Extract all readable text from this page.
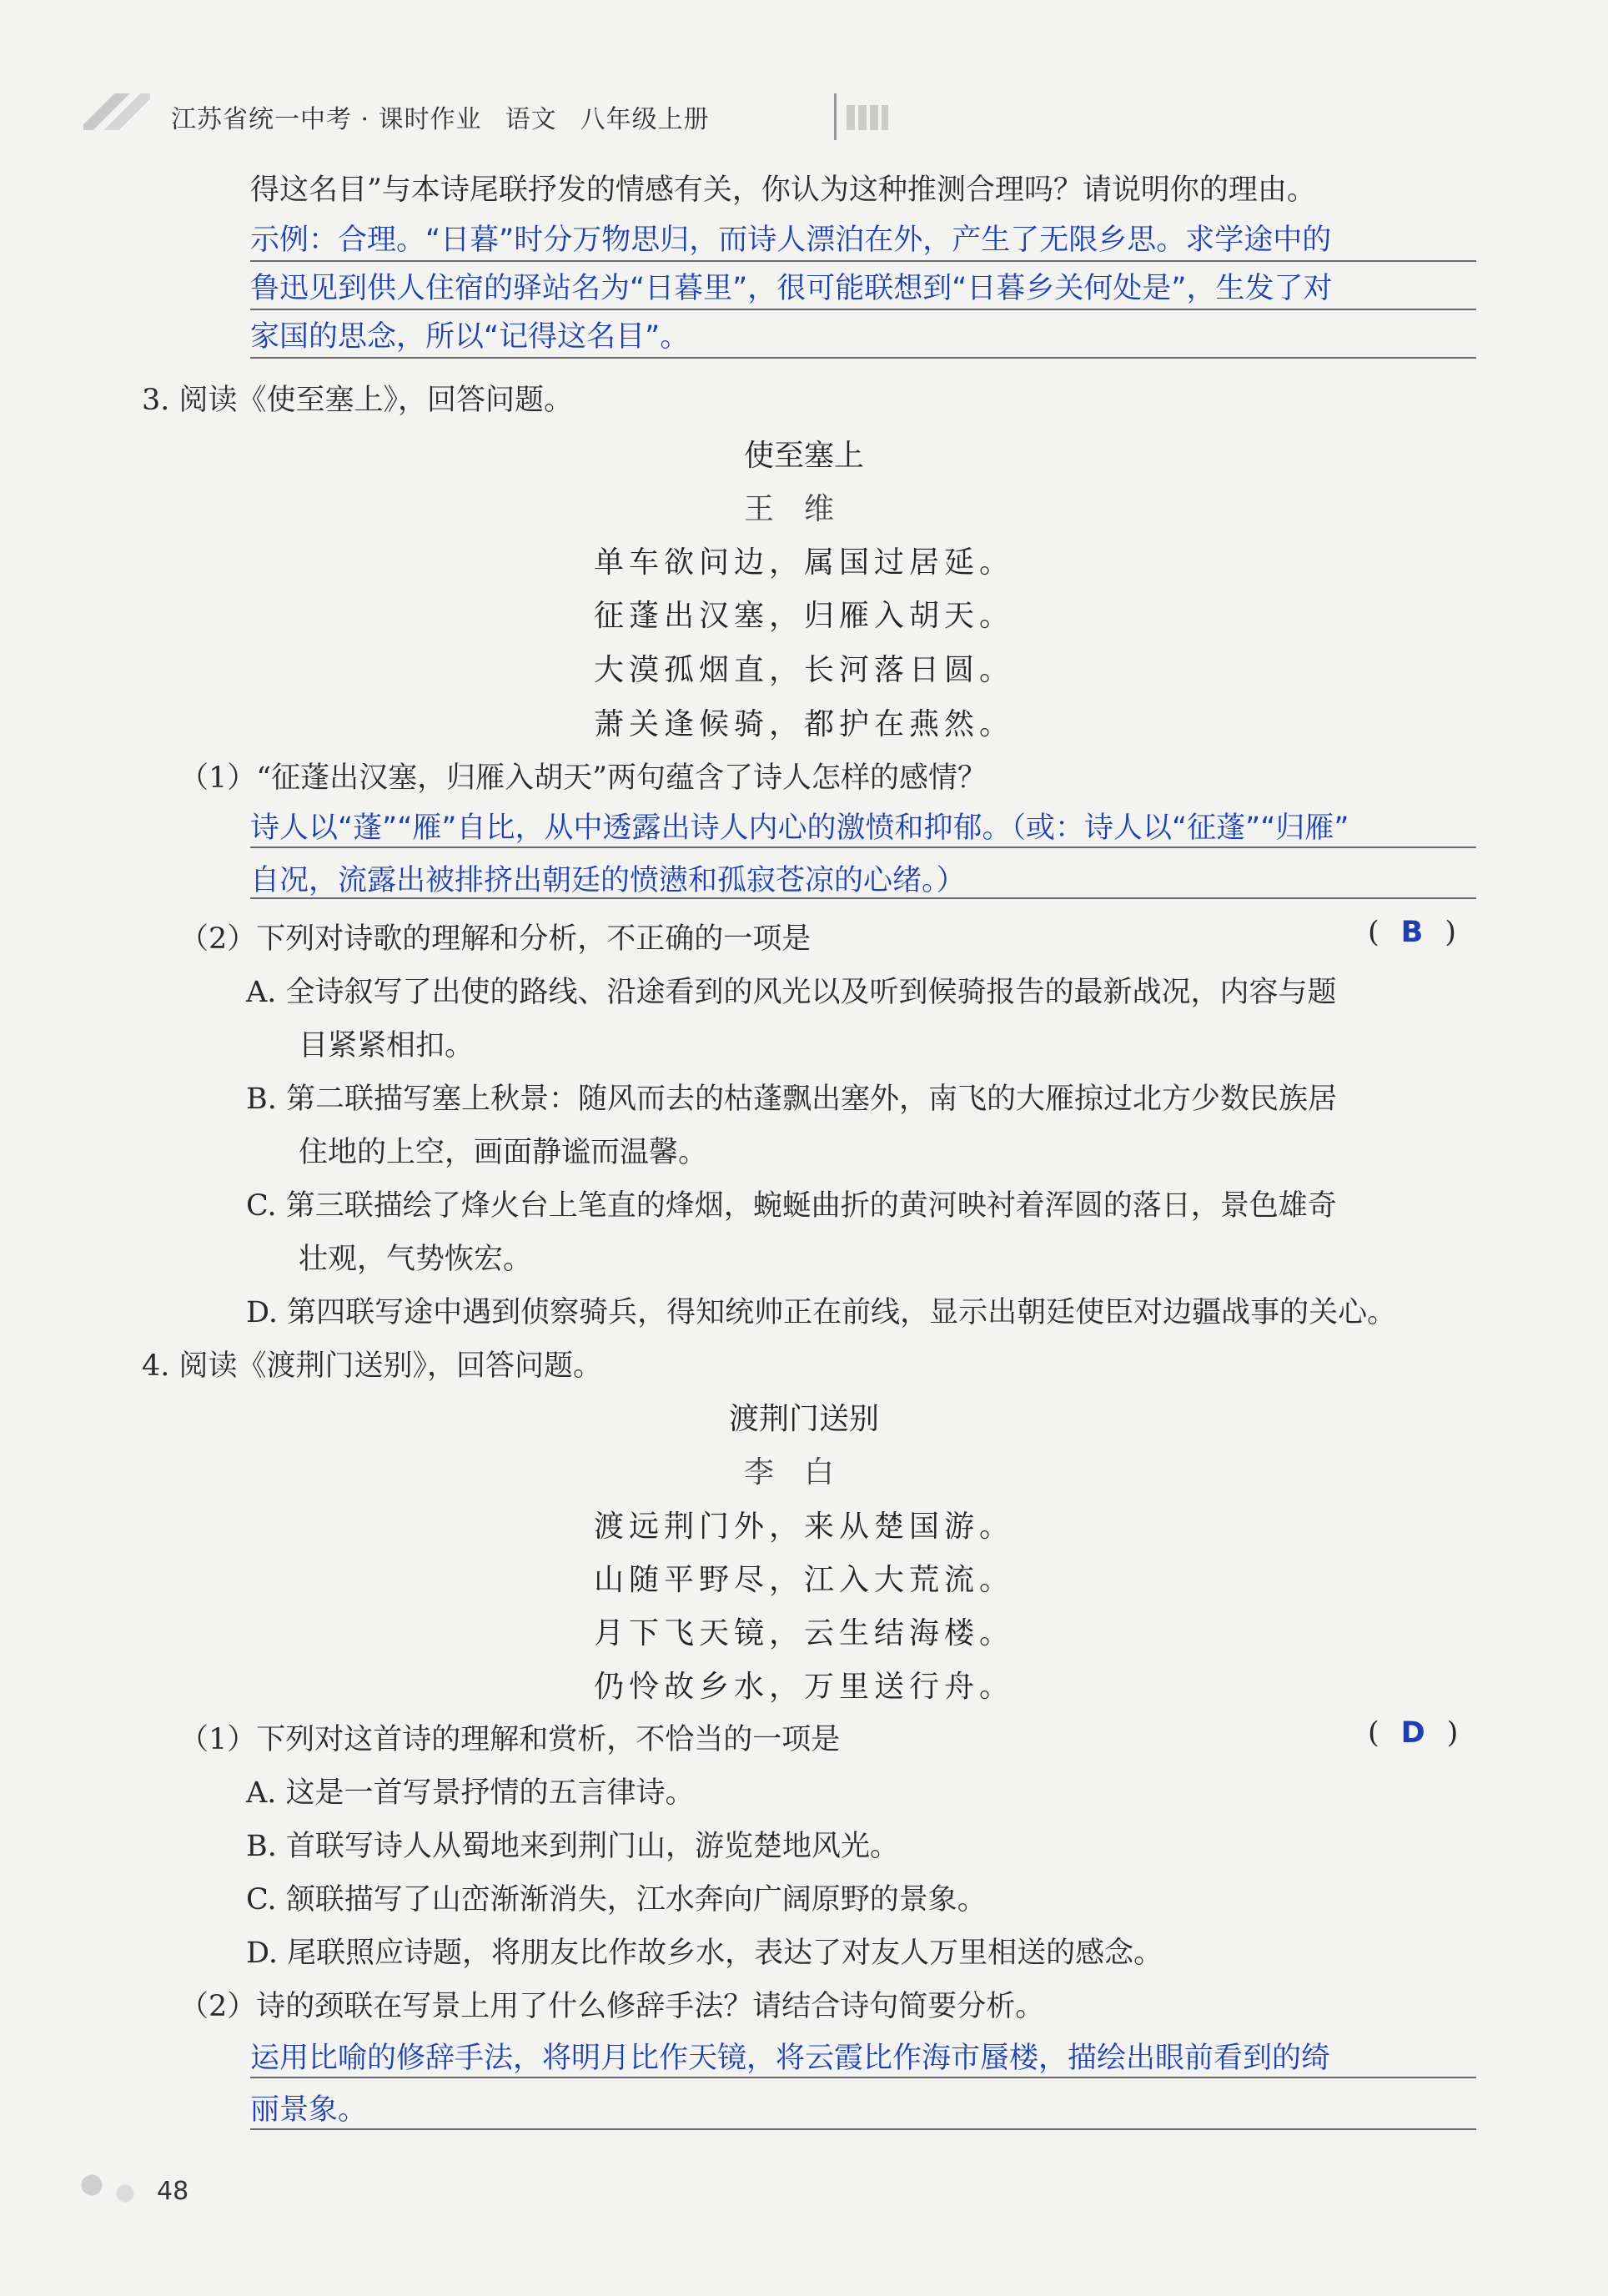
江苏省统一中考 · 课时作业 语文 八年级上册
得这名目”与本诗尾联抒发的情感有关，你认为这种推测合理吗？请说明你的理由。
示例：合理。“日暮”时分万物思归，而诗人漂泊在外，产生了无限乡思。求学途中的
鲁迅见到供人住宿的驿站名为“日暮里”，很可能联想到“日暮乡关何处是”，生发了对
家国的思念，所以“记得这名目”。
3. 阅读《使至塞上》，回答问题。
使至塞上
王维
单车欲问边，属国过居延。
征蓬出汉塞，归雁入胡天。
大漠孤烟直，长河落日圆。
萧关逢候骑，都护在燕然。
（1）“征蓬出汉塞，归雁入胡天”两句蕴含了诗人怎样的感情？
诗人以“蓬”“雁”自比，从中透露出诗人内心的激愤和抑郁。（或：诗人以“征蓬”“归雁”
自况，流露出被排挤出朝廷的愤懑和孤寂苍凉的心绪。）
（2）下列对诗歌的理解和分析，不正确的一项是	( B )
A. 全诗叙写了出使的路线、沿途看到的风光以及听到候骑报告的最新战况，内容与题
目紧紧相扣。
B. 第二联描写塞上秋景：随风而去的枯蓬飘出塞外，南飞的大雁掠过北方少数民族居
住地的上空，画面静谧而温馨。
C. 第三联描绘了烽火台上笔直的烽烟，蜿蜒曲折的黄河映衬着浑圆的落日，景色雄奇
壮观，气势恢宏。
D. 第四联写途中遇到侦察骑兵，得知统帅正在前线，显示出朝廷使臣对边疆战事的关心。
4. 阅读《渡荆门送别》，回答问题。
渡荆门送别
李白
渡远荆门外，来从楚国游。
山随平野尽，江入大荒流。
月下飞天镜，云生结海楼。
仍怜故乡水，万里送行舟。
（1）下列对这首诗的理解和赏析，不恰当的一项是	( D )
A. 这是一首写景抒情的五言律诗。
B. 首联写诗人从蜀地来到荆门山，游览楚地风光。
C. 颔联描写了山峦渐渐消失，江水奔向广阔原野的景象。
D. 尾联照应诗题，将朋友比作故乡水，表达了对友人万里相送的感念。
（2）诗的颈联在写景上用了什么修辞手法？请结合诗句简要分析。
运用比喻的修辞手法，将明月比作天镜，将云霞比作海市蜃楼，描绘出眼前看到的绮
丽景象。
48
